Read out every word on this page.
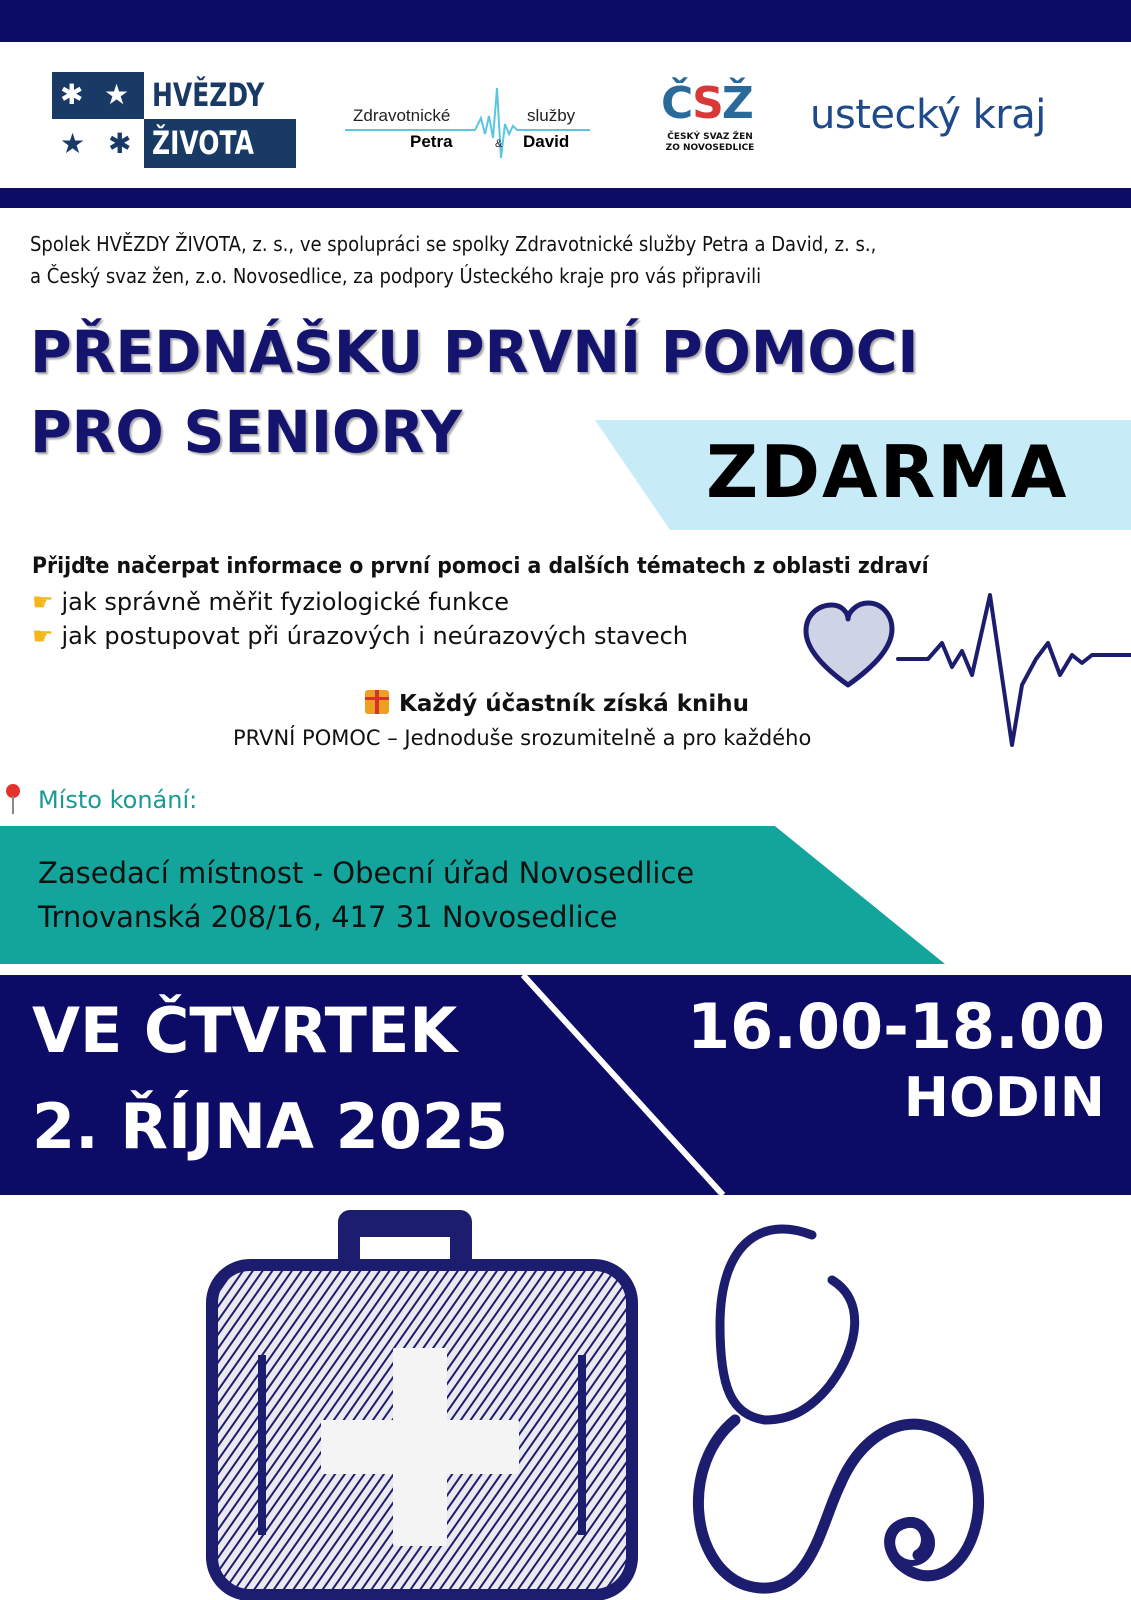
✱ ★
★ ✱
HVĚZDY
ŽIVOTA
Zdravotnické	služby
Petra	& David
ČSŽ
ČESKÝ SVAZ ŽEN
ZO NOVOSEDLICE
ustecký kraj
Spolek HVĚZDY ŽIVOTA, z. s., ve spolupráci se spolky Zdravotnické služby Petra a David, z. s.,
a Český svaz žen, z.o. Novosedlice, za podpory Ústeckého kraje pro vás připravili
PŘEDNÁŠKU PRVNÍ POMOCI
PRO SENIORY	ZDARMA
Přijďte načerpat informace o první pomoci a dalších tématech z oblasti zdraví
☛ jak správně měřit fyziologické funkce
☛ jak postupovat při úrazových i neúrazových stavech
Každý účastník získá knihu
PRVNÍ POMOC – Jednoduše srozumitelně a pro každého
Místo konání:
Zasedací místnost - Obecní úřad Novosedlice
Trnovanská 208/16, 417 31 Novosedlice
VE ČTVRTEK
2. ŘÍJNA 2025
16.00-18.00
HODIN
